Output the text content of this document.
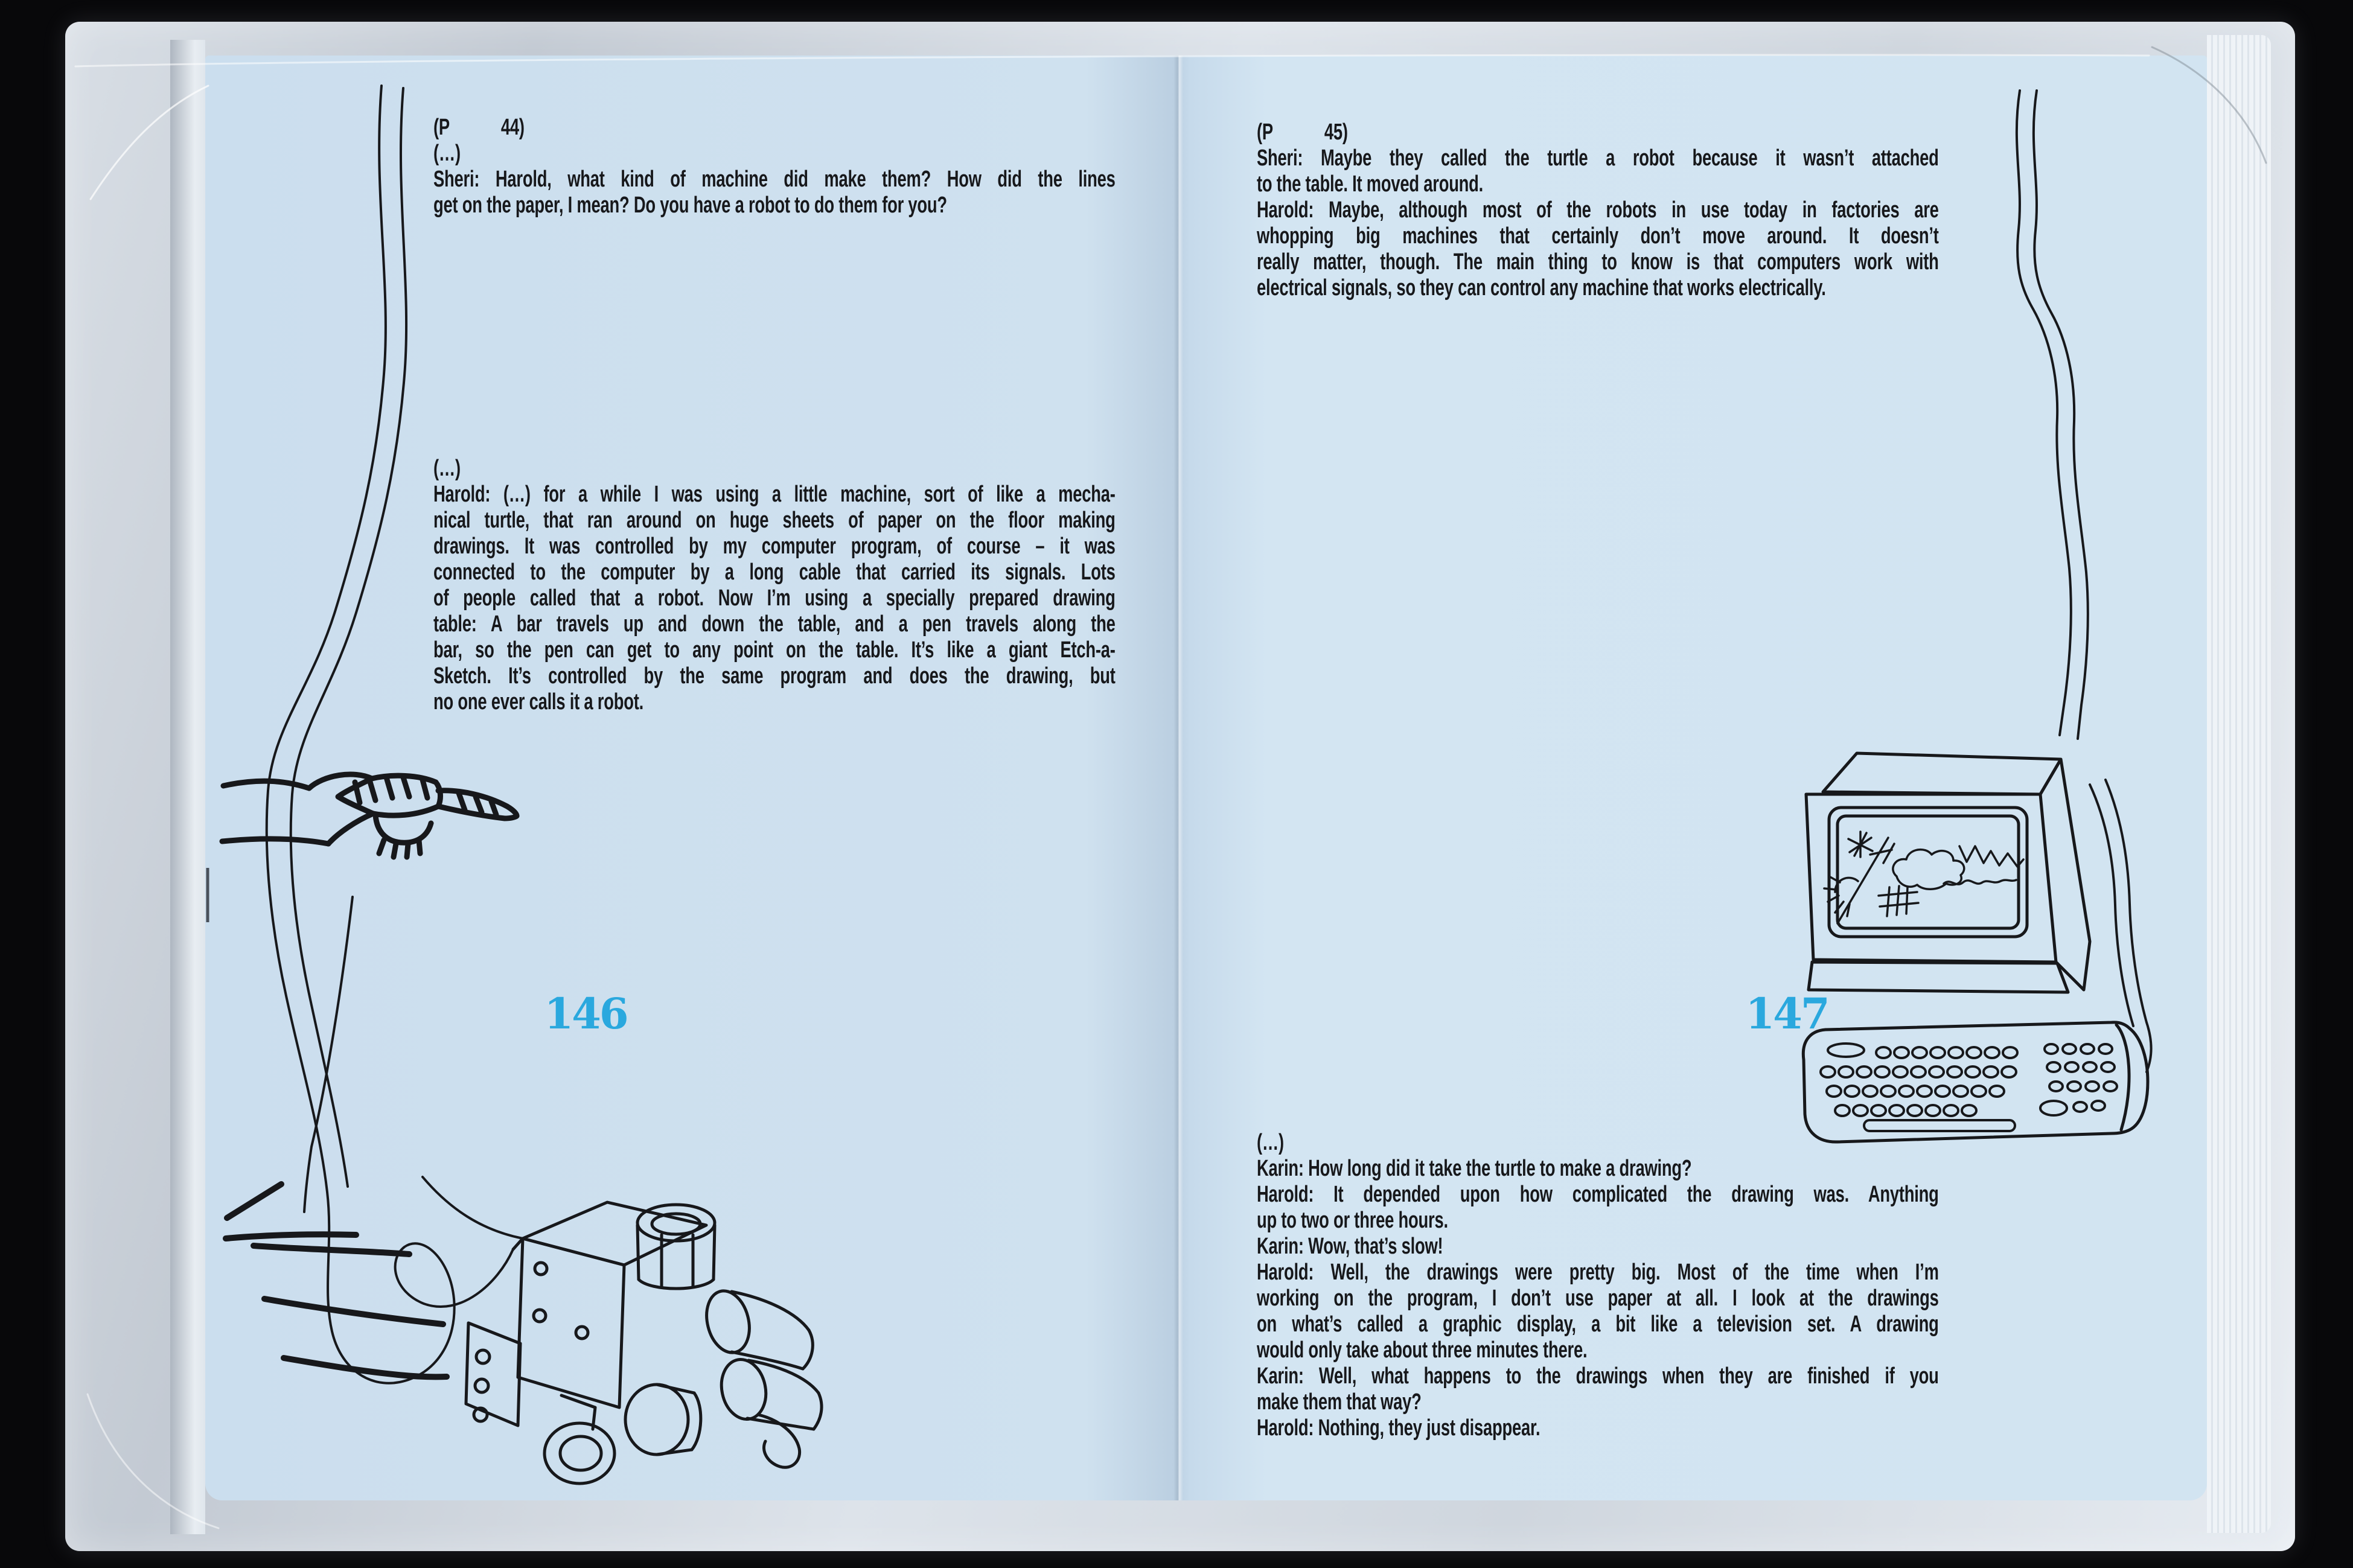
(P 44)
(…)
Sheri: Harold, what kind of machine did make them? How did the lines
get on the paper, I mean? Do you have a robot to do them for you?
(…)
Harold: (…) for a while I was using a little machine, sort of like a mecha-
nical turtle, that ran around on huge sheets of paper on the floor making
drawings. It was controlled by my computer program, of course – it was
connected to the computer by a long cable that carried its signals. Lots
of people called that a robot. Now I’m using a specially prepared drawing
table: A bar travels up and down the table, and a pen travels along the
bar, so the pen can get to any point on the table. It’s like a giant Etch-a-
Sketch. It’s controlled by the same program and does the drawing, but
no one ever calls it a robot.
146
(P 45)
Sheri: Maybe they called the turtle a robot because it wasn’t attached
to the table. It moved around.
Harold: Maybe, although most of the robots in use today in factories are
whopping big machines that certainly don’t move around. It doesn’t
really matter, though. The main thing to know is that computers work with
electrical signals, so they can control any machine that works electrically.
(…)
Karin: How long did it take the turtle to make a drawing?
Harold: It depended upon how complicated the drawing was. Anything
up to two or three hours.
Karin: Wow, that’s slow!
Harold: Well, the drawings were pretty big. Most of the time when I’m
working on the program, I don’t use paper at all. I look at the drawings
on what’s called a graphic display, a bit like a television set. A drawing
would only take about three minutes there.
Karin: Well, what happens to the drawings when they are finished if you
make them that way?
Harold: Nothing, they just disappear.
147
